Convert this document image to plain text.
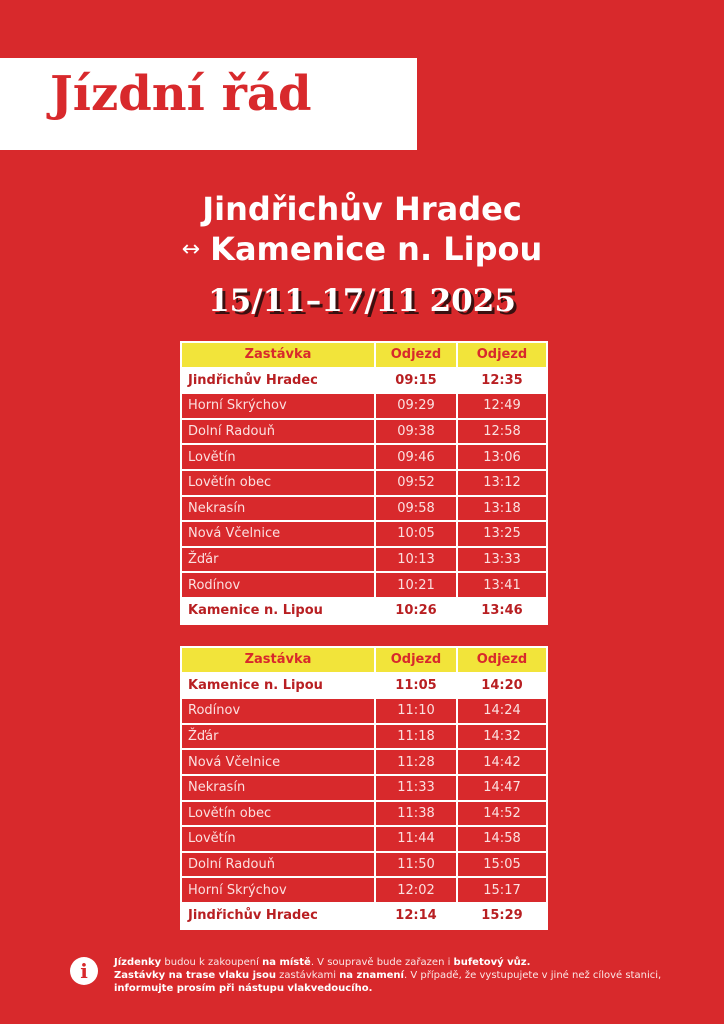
Jízdní řád
Jindřichův Hradec
↔ Kamenice n. Lipou
15/11–17/11 2025
Zastávka	Odjezd	Odjezd
Jindřichův Hradec	09:15	12:35
Horní Skrýchov	09:29	12:49
Dolní Radouň	09:38	12:58
Lovětín	09:46	13:06
Lovětín obec	09:52	13:12
Nekrasín	09:58	13:18
Nová Včelnice	10:05	13:25
Žďár	10:13	13:33
Rodínov	10:21	13:41
Kamenice n. Lipou	10:26	13:46
Zastávka	Odjezd	Odjezd
Kamenice n. Lipou	11:05	14:20
Rodínov	11:10	14:24
Žďár	11:18	14:32
Nová Včelnice	11:28	14:42
Nekrasín	11:33	14:47
Lovětín obec	11:38	14:52
Lovětín	11:44	14:58
Dolní Radouň	11:50	15:05
Horní Skrýchov	12:02	15:17
Jindřichův Hradec	12:14	15:29
i	Jízdenky budou k zakoupení na místě. V soupravě bude zařazen i bufetový vůz.
Zastávky na trase vlaku jsou zastávkami na znamení. V případě, že vystupujete v jiné než cílové stanici, informujte prosím při nástupu vlakvedoucího.
